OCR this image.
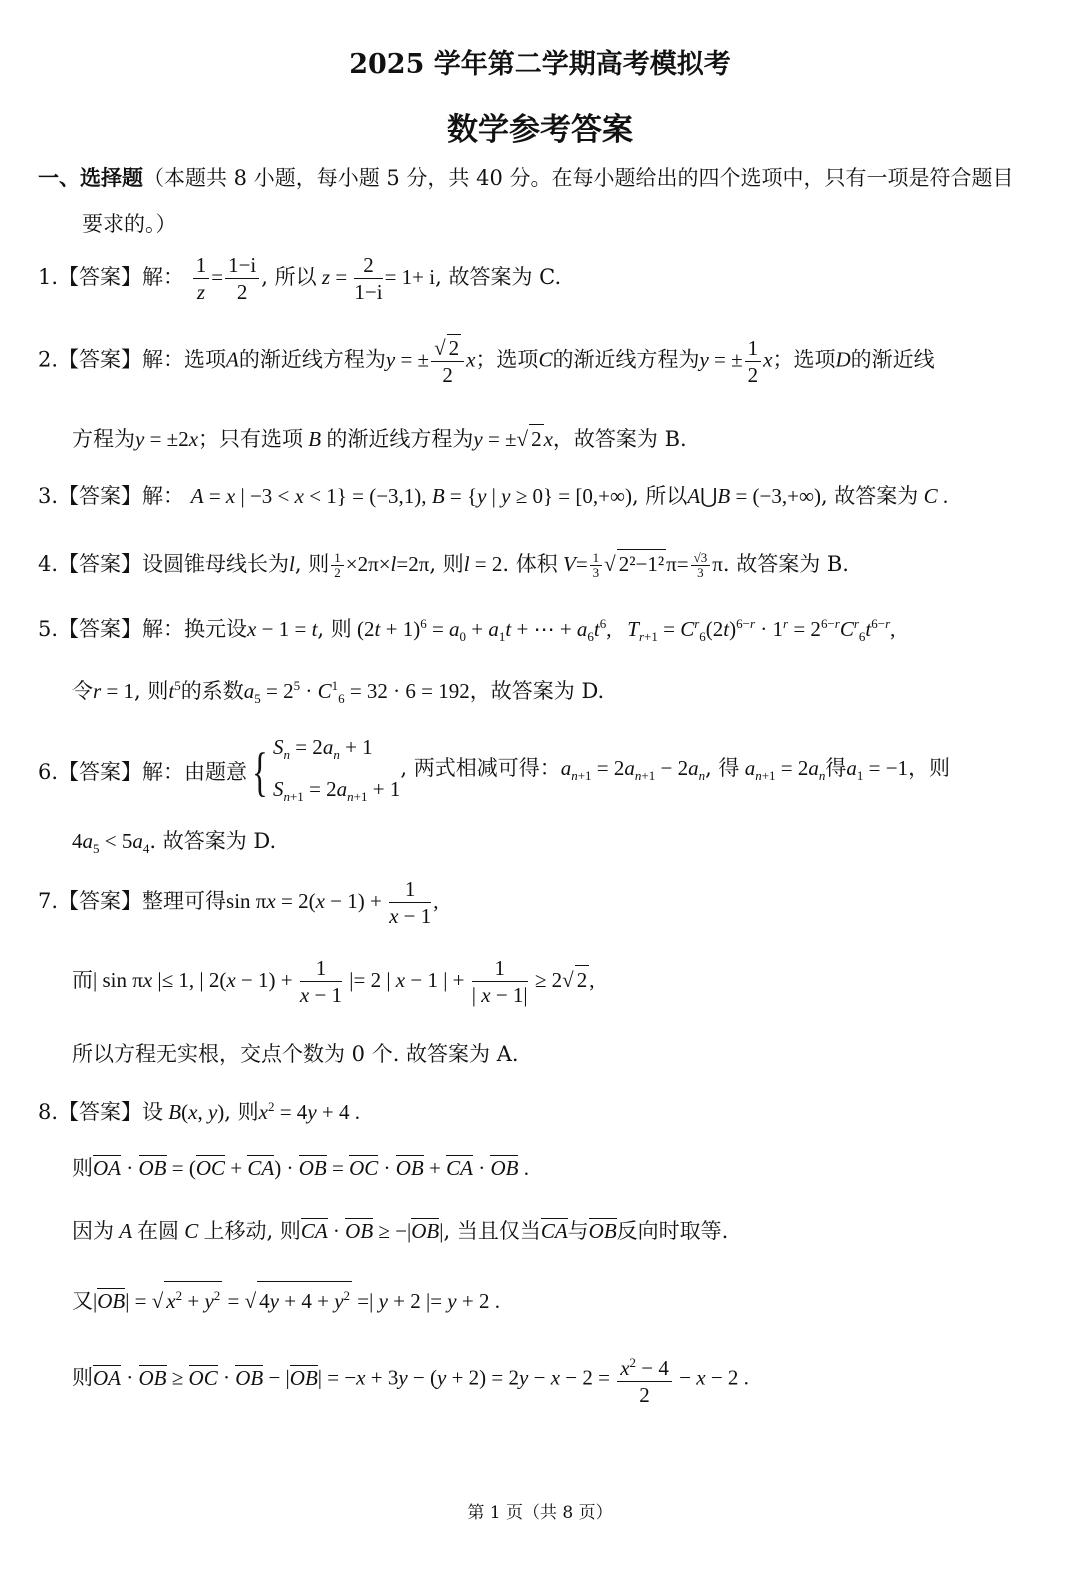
2025 学年第二学期高考模拟考
数学参考答案
一、选择题（本题共 8 小题，每小题 5 分，共 40 分。在每小题给出的四个选项中，只有一项是符合题目
要求的。）
1.【答案】解： $\frac{1}{z} = \frac{1-i}{2}$ , 所以 $z = \frac{2}{1-i} = 1+ i$, 故答案为 C.
2.【答案】解：选项A的渐近线方程为y = ± $\frac{√ 2}{2}$ x；选项C的渐近线方程为y = ± $\frac{1}{2}$ x；选项D的渐近线
方程为y = ±2x；只有选项 B 的渐近线方程为y = ±√ 2x，故答案为 B.
3.【答案】解： A = x | −3 < x < 1} = (−3,1), B = {y | y ≥ 0} = [0,+∞), 所以A⋃B = (−3,+∞), 故答案为 C .
4.【答案】设圆锥母线长为l, 则 $\frac{1}{2} \times 2\pi\times l=2\pi$, 则l = 2. 体积 $V= \frac{1}{3}$ √ $2^2-1^2\pi= \frac{√3}{3} \pi$. 故答案为 B.
5.【答案】解：换元设x − 1 = t, 则 $(2t + 1)^6 = a_0 + a_1t$ + ⋯ + $a_6t^6$,   $T_{r+1} = C^r_6(2t)^{6-r} \cdot 1^r = 2^{6-r}C^r_6t^{6-r}$,
令r = 1, 则$t^5$的系数$a_5 = 2^5 \cdot C^1_6 = 32 \cdot 6 = 192$，故答案为 D.
6.【答案】解：由题意{ $S_n = 2a_n + 1$
$S_{n+1} = 2a_{n+1} + 1$
, 两式相减可得：$a_{n+1} = 2a_{n+1} - 2a_n$, 得 $a_{n+1} = 2a_n$得$a_1 = -1$，则
$4a_5 < 5a_4$. 故答案为 D.
7.【答案】整理可得$\sin \pi x = 2(x - 1) + \frac{1}{x - 1}$ ,
而| sin πx |≤ 1, | $2(x - 1) + \frac{1}{x - 1}$ |= 2 | x − 1 | + $\frac{1}{| x - 1|} \ge 2√$ 2,
所以方程无实根，交点个数为 0 个. 故答案为 A.
8.【答案】设 B(x, y), 则$x^2 = 4y + 4$ .
则OA · OB = (OC + CA) · OB = OC · OB + CA · OB .
因为 A 在圆 C 上移动, 则CA · OB ≥ −|OB|, 当且仅当CA与OB反向时取等.
又|OB| = √ $x^2 + y^2$ = √ $4y + 4 + y^2$ =| y + 2 |= y + 2 .
则OA · OB ≥ OC · OB − $|OB| = -x + 3y - (y + 2) = 2y - x - 2 = \frac{x^2 - 4}{2} - x - 2$ .
第 1 页（共 8 页）
